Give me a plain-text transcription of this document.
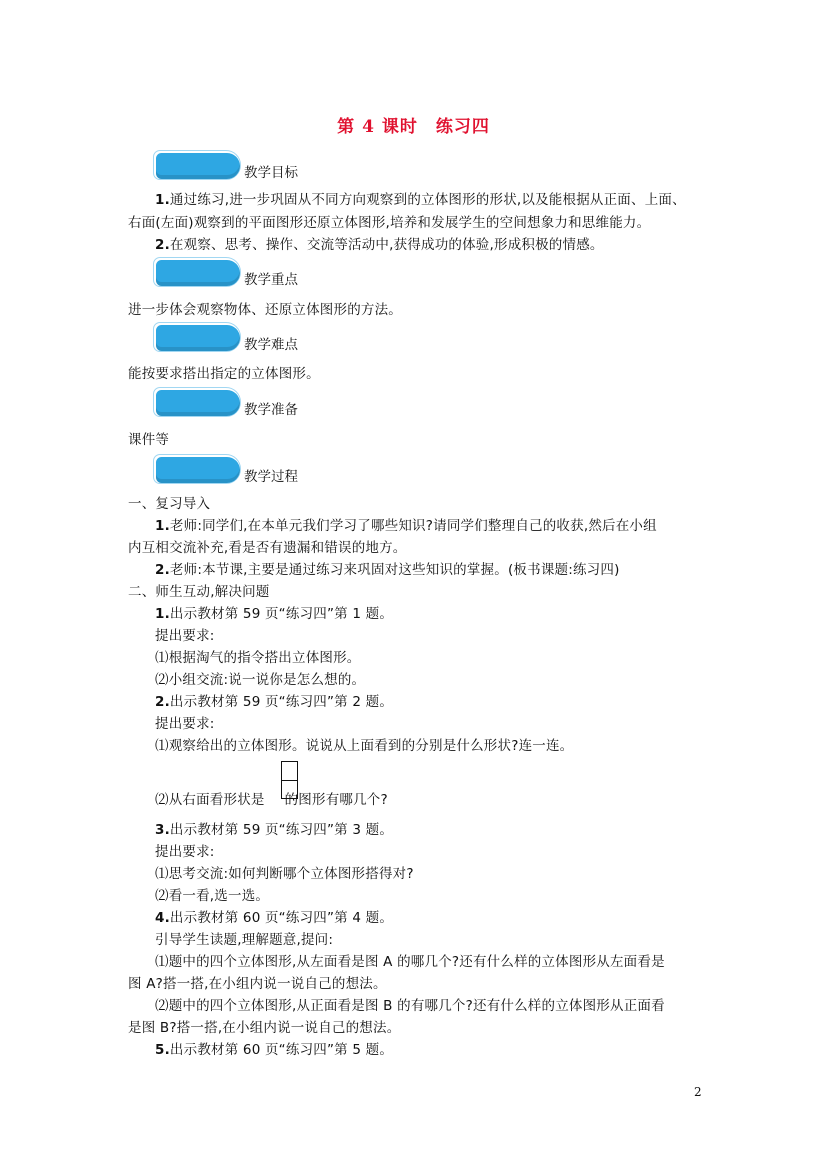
第 4 课时　练习四
教学目标
1.通过练习,进一步巩固从不同方向观察到的立体图形的形状,以及能根据从正面、上面、
右面(左面)观察到的平面图形还原立体图形,培养和发展学生的空间想象力和思维能力。
2.在观察、思考、操作、交流等活动中,获得成功的体验,形成积极的情感。
教学重点
进一步体会观察物体、还原立体图形的方法。
教学难点
能按要求搭出指定的立体图形。
教学准备
课件等
教学过程
一、复习导入
1.老师:同学们,在本单元我们学习了哪些知识?请同学们整理自己的收获,然后在小组
内互相交流补充,看是否有遗漏和错误的地方。
2.老师:本节课,主要是通过练习来巩固对这些知识的掌握。(板书课题:练习四)
二、师生互动,解决问题
1.出示教材第 59 页“练习四”第 1 题。
提出要求:
⑴根据淘气的指令搭出立体图形。
⑵小组交流:说一说你是怎么想的。
2.出示教材第 59 页“练习四”第 2 题。
提出要求:
⑴观察给出的立体图形。说说从上面看到的分别是什么形状?连一连。
⑵从右面看形状是 的图形有哪几个?
3.出示教材第 59 页“练习四”第 3 题。
提出要求:
⑴思考交流:如何判断哪个立体图形搭得对?
⑵看一看,选一选。
4.出示教材第 60 页“练习四”第 4 题。
引导学生读题,理解题意,提问:
⑴题中的四个立体图形,从左面看是图 A 的哪几个?还有什么样的立体图形从左面看是
图 A?搭一搭,在小组内说一说自己的想法。
⑵题中的四个立体图形,从正面看是图 B 的有哪几个?还有什么样的立体图形从正面看
是图 B?搭一搭,在小组内说一说自己的想法。
5.出示教材第 60 页“练习四”第 5 题。
2
